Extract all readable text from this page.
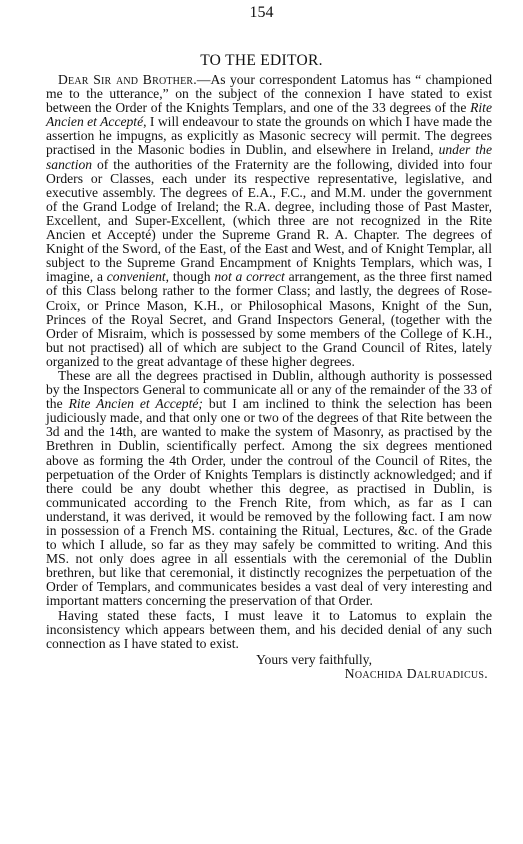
154
TO THE EDITOR.

Dear Sir and Brother.—As your correspondent Latomus has “ championed me to the utterance,” on the subject of the connexion I have stated to exist between the Order of the Knights Templars, and one of the 33 degrees of the Rite Ancien et Accepté, I will endeavour to state the grounds on which I have made the assertion he impugns, as explicitly as Masonic secrecy will permit. The degrees practised in the Masonic bodies in Dublin, and elsewhere in Ireland, under the sanction of the authorities of the Fraternity are the following, divided into four Orders or Classes, each under its respective representative, legislative, and executive assembly. The degrees of E.A., F.C., and M.M. under the government of the Grand Lodge of Ireland; the R.A. degree, including those of Past Master, Excellent, and Super-Excellent, (which three are not recognized in the Rite Ancien et Accepté) under the Supreme Grand R. A. Chapter. The degrees of Knight of the Sword, of the East, of the East and West, and of Knight Templar, all subject to the Supreme Grand Encampment of Knights Templars, which was, I imagine, a convenient, though not a correct arrangement, as the three first named of this Class belong rather to the former Class; and lastly, the degrees of Rose-Croix, or Prince Mason, K.H., or Philosophical Masons, Knight of the Sun, Princes of the Royal Secret, and Grand Inspectors General, (together with the Order of Misraim, which is possessed by some members of the College of K.H., but not practised) all of which are subject to the Grand Council of Rites, lately organized to the great advantage of these higher degrees.

These are all the degrees practised in Dublin, although authority is possessed by the Inspectors General to communicate all or any of the remainder of the 33 of the Rite Ancien et Accepté; but I am inclined to think the selection has been judiciously made, and that only one or two of the degrees of that Rite between the 3d and the 14th, are wanted to make the system of Masonry, as practised by the Brethren in Dublin, scientifically perfect. Among the six degrees mentioned above as forming the 4th Order, under the controul of the Council of Rites, the perpetuation of the Order of Knights Templars is distinctly acknowledged; and if there could be any doubt whether this degree, as practised in Dublin, is communicated according to the French Rite, from which, as far as I can understand, it was derived, it would be removed by the following fact. I am now in possession of a French MS. containing the Ritual, Lectures, &c. of the Grade to which I allude, so far as they may safely be committed to writing. And this MS. not only does agree in all essentials with the ceremonial of the Dublin brethren, but like that ceremonial, it distinctly recognizes the perpetuation of the Order of Templars, and communicates besides a vast deal of very interesting and important matters concerning the preservation of that Order.

Having stated these facts, I must leave it to Latomus to explain the inconsistency which appears between them, and his decided denial of any such connection as I have stated to exist.

Yours very faithfully,
Noachida Dalruadicus.
